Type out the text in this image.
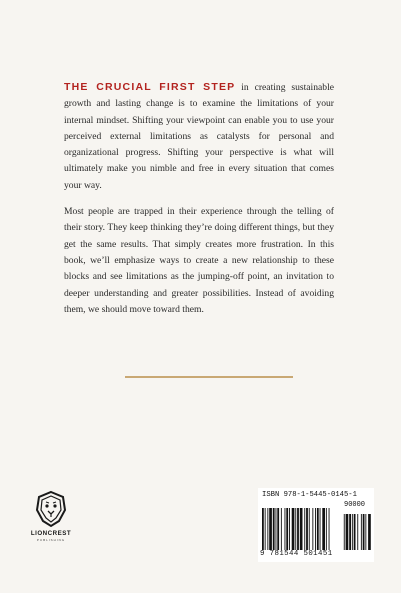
THE CRUCIAL FIRST STEP in creating sustainable growth and lasting change is to examine the limitations of your internal mindset. Shifting your viewpoint can enable you to use your perceived external limitations as catalysts for personal and organizational progress. Shifting your perspective is what will ultimately make you nimble and free in every situation that comes your way.

Most people are trapped in their experience through the telling of their story. They keep thinking they’re doing different things, but they get the same results. That simply creates more frustration. In this book, we’ll emphasize ways to create a new relationship to these blocks and see limitations as the jumping-off point, an invitation to deeper understanding and greater possibilities. Instead of avoiding them, we should move toward them.

LIONCREST
PUBLISHING
ISBN 978-1-5445-0145-1
90000
9 781544 501451
